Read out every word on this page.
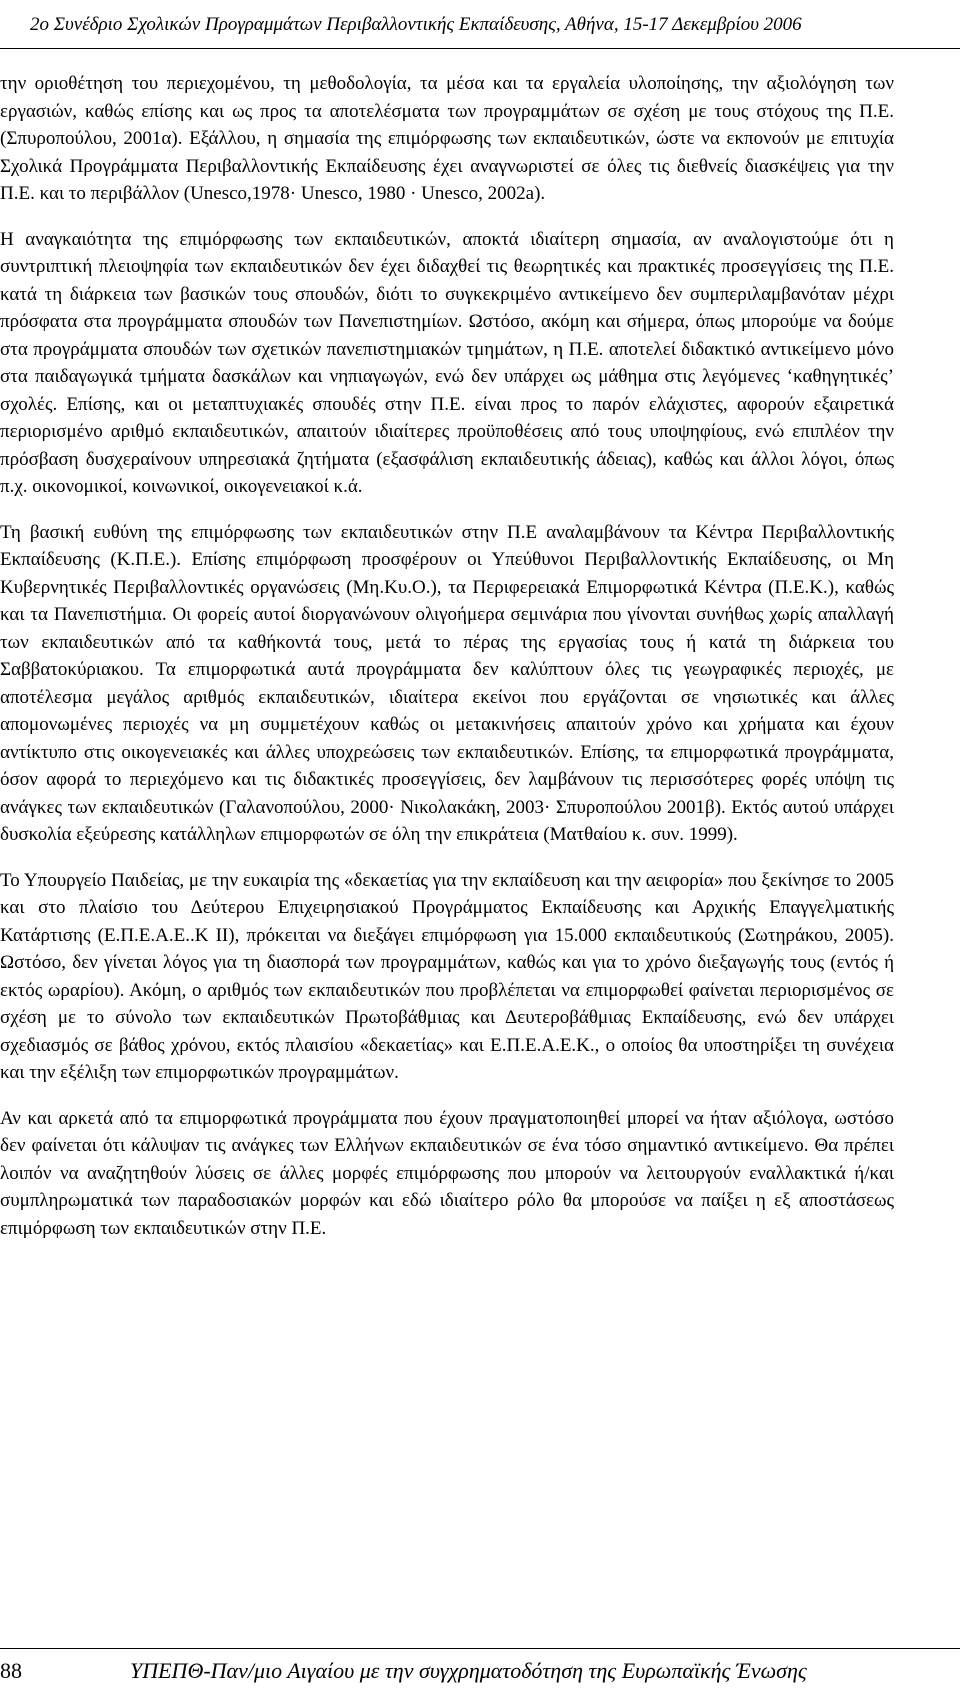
2ο Συνέδριο Σχολικών Προγραμμάτων Περιβαλλοντικής Εκπαίδευσης, Αθήνα, 15-17 Δεκεμβρίου 2006

την οριοθέτηση του περιεχομένου, τη μεθοδολογία, τα μέσα και τα εργαλεία υλοποίησης, την αξιολόγηση των εργασιών, καθώς επίσης και ως προς τα αποτελέσματα των προγραμμάτων σε σχέση με τους στόχους της Π.Ε. (Σπυροπούλου, 2001α). Εξάλλου, η σημασία της επιμόρφωσης των εκπαιδευτικών, ώστε να εκπονούν με επιτυχία Σχολικά Προγράμματα Περιβαλλοντικής Εκπαίδευσης έχει αναγνωριστεί σε όλες τις διεθνείς διασκέψεις για την Π.Ε. και το περιβάλλον (Unesco,1978· Unesco, 1980 · Unesco, 2002a).

Η αναγκαιότητα της επιμόρφωσης των εκπαιδευτικών, αποκτά ιδιαίτερη σημασία, αν αναλογιστούμε ότι η συντριπτική πλειοψηφία των εκπαιδευτικών δεν έχει διδαχθεί τις θεωρητικές και πρακτικές προσεγγίσεις της Π.Ε. κατά τη διάρκεια των βασικών τους σπουδών, διότι το συγκεκριμένο αντικείμενο δεν συμπεριλαμβανόταν μέχρι πρόσφατα στα προγράμματα σπουδών των Πανεπιστημίων. Ωστόσο, ακόμη και σήμερα, όπως μπορούμε να δούμε στα προγράμματα σπουδών των σχετικών πανεπιστημιακών τμημάτων, η Π.Ε. αποτελεί διδακτικό αντικείμενο μόνο στα παιδαγωγικά τμήματα δασκάλων και νηπιαγωγών, ενώ δεν υπάρχει ως μάθημα στις λεγόμενες ‘καθηγητικές’ σχολές. Επίσης, και οι μεταπτυχιακές σπουδές στην Π.Ε. είναι προς το παρόν ελάχιστες, αφορούν εξαιρετικά περιορισμένο αριθμό εκπαιδευτικών, απαιτούν ιδιαίτερες προϋποθέσεις από τους υποψηφίους, ενώ επιπλέον την πρόσβαση δυσχεραίνουν υπηρεσιακά ζητήματα (εξασφάλιση εκπαιδευτικής άδειας), καθώς και άλλοι λόγοι, όπως π.χ. οικονομικοί, κοινωνικοί, οικογενειακοί κ.ά.

Τη βασική ευθύνη της επιμόρφωσης των εκπαιδευτικών στην Π.Ε αναλαμβάνουν τα Κέντρα Περιβαλλοντικής Εκπαίδευσης (Κ.Π.Ε.). Επίσης επιμόρφωση προσφέρουν οι Υπεύθυνοι Περιβαλλοντικής Εκπαίδευσης, οι Μη Κυβερνητικές Περιβαλλοντικές οργανώσεις (Μη.Κυ.Ο.), τα Περιφερειακά Επιμορφωτικά Κέντρα (Π.Ε.Κ.), καθώς και τα Πανεπιστήμια. Οι φορείς αυτοί διοργανώνουν ολιγοήμερα σεμινάρια που γίνονται συνήθως χωρίς απαλλαγή των εκπαιδευτικών από τα καθήκοντά τους, μετά το πέρας της εργασίας τους ή κατά τη διάρκεια του Σαββατοκύριακου. Τα επιμορφωτικά αυτά προγράμματα δεν καλύπτουν όλες τις γεωγραφικές περιοχές, με αποτέλεσμα μεγάλος αριθμός εκπαιδευτικών, ιδιαίτερα εκείνοι που εργάζονται σε νησιωτικές και άλλες απομονωμένες περιοχές να μη συμμετέχουν καθώς οι μετακινήσεις απαιτούν χρόνο και χρήματα και έχουν αντίκτυπο στις οικογενειακές και άλλες υποχρεώσεις των εκπαιδευτικών. Επίσης, τα επιμορφωτικά προγράμματα, όσον αφορά το περιεχόμενο και τις διδακτικές προσεγγίσεις, δεν λαμβάνουν τις περισσότερες φορές υπόψη τις ανάγκες των εκπαιδευτικών (Γαλανοπούλου, 2000· Νικολακάκη, 2003· Σπυροπούλου 2001β). Εκτός αυτού υπάρχει δυσκολία εξεύρεσης κατάλληλων επιμορφωτών σε όλη την επικράτεια (Ματθαίου κ. συν. 1999).

Το Υπουργείο Παιδείας, με την ευκαιρία της «δεκαετίας για την εκπαίδευση και την αειφορία» που ξεκίνησε το 2005 και στο πλαίσιο του Δεύτερου Επιχειρησιακού Προγράμματος Εκπαίδευσης και Αρχικής Επαγγελματικής Κατάρτισης (Ε.Π.Ε.Α.Ε..Κ ΙΙ), πρόκειται να διεξάγει επιμόρφωση για 15.000 εκπαιδευτικούς (Σωτηράκου, 2005). Ωστόσο, δεν γίνεται λόγος για τη διασπορά των προγραμμάτων, καθώς και για το χρόνο διεξαγωγής τους (εντός ή εκτός ωραρίου). Ακόμη, ο αριθμός των εκπαιδευτικών που προβλέπεται να επιμορφωθεί φαίνεται περιορισμένος σε σχέση με το σύνολο των εκπαιδευτικών Πρωτοβάθμιας και Δευτεροβάθμιας Εκπαίδευσης, ενώ δεν υπάρχει σχεδιασμός σε βάθος χρόνου, εκτός πλαισίου «δεκαετίας» και Ε.Π.Ε.Α.Ε.Κ., ο οποίος θα υποστηρίξει τη συνέχεια και την εξέλιξη των επιμορφωτικών προγραμμάτων.

Αν και αρκετά από τα επιμορφωτικά προγράμματα που έχουν πραγματοποιηθεί μπορεί να ήταν αξιόλογα, ωστόσο δεν φαίνεται ότι κάλυψαν τις ανάγκες των Ελλήνων εκπαιδευτικών σε ένα τόσο σημαντικό αντικείμενο. Θα πρέπει λοιπόν να αναζητηθούν λύσεις σε άλλες μορφές επιμόρφωσης που μπορούν να λειτουργούν εναλλακτικά ή/και συμπληρωματικά των παραδοσιακών μορφών και εδώ ιδιαίτερο ρόλο θα μπορούσε να παίξει η εξ αποστάσεως επιμόρφωση των εκπαιδευτικών στην Π.Ε.

88	ΥΠΕΠΘ-Παν/μιο Αιγαίου με την συγχρηματοδότηση της Ευρωπαϊκής Ένωσης
